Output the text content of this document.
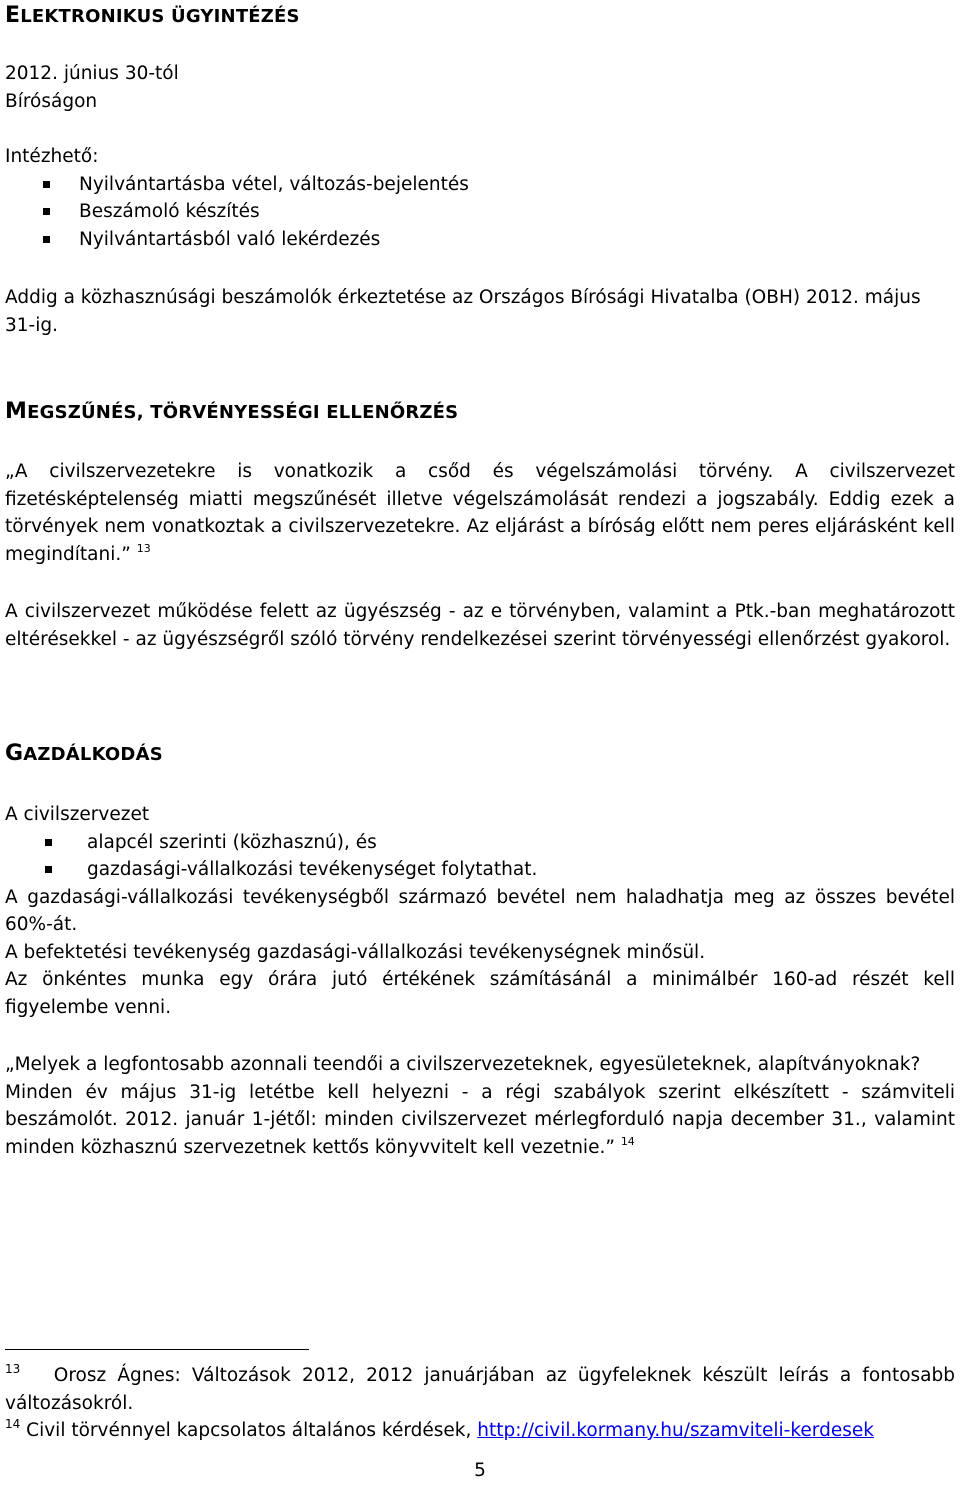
ELEKTRONIKUS ÜGYINTÉZÉS

2012. június 30-tól

Bíróságon

Intézhető:

Nyilvántartásba vétel, változás-bejelentés
Beszámoló készítés
Nyilvántartásból való lekérdezés

Addig a közhasznúsági beszámolók érkeztetése az Országos Bírósági Hivatalba (OBH) 2012. május 31-ig.

MEGSZŰNÉS, TÖRVÉNYESSÉGI ELLENŐRZÉS

„A civilszervezetekre is vonatkozik a csőd és végelszámolási törvény. A civilszervezet fizetésképtelenség miatti megszűnését illetve végelszámolását rendezi a jogszabály. Eddig ezek a törvények nem vonatkoztak a civilszervezetekre. Az eljárást a bíróság előtt nem peres eljárásként kell megindítani.” $^{13}$

A civilszervezet működése felett az ügyészség - az e törvényben, valamint a Ptk.-ban meghatározott eltérésekkel - az ügyészségről szóló törvény rendelkezései szerint törvényességi ellenőrzést gyakorol.

GAZDÁLKODÁS

A civilszervezet

alapcél szerinti (közhasznú), és
gazdasági-vállalkozási tevékenységet folytathat.

A gazdasági-vállalkozási tevékenységből származó bevétel nem haladhatja meg az összes bevétel 60%-át.

A befektetési tevékenység gazdasági-vállalkozási tevékenységnek minősül.

Az önkéntes munka egy órára jutó értékének számításánál a minimálbér 160-ad részét kell figyelembe venni.

„Melyek a legfontosabb azonnali teendői a civilszervezeteknek, egyesületeknek, alapítványoknak?

Minden év május 31-ig letétbe kell helyezni - a régi szabályok szerint elkészített - számviteli beszámolót. 2012. január 1-jétől: minden civilszervezet mérlegforduló napja december 31., valamint minden közhasznú szervezetnek kettős könyvvitelt kell vezetnie.” $^{14}$

$^{13}$ Orosz Ágnes: Változások 2012, 2012 januárjában az ügyfeleknek készült leírás a fontosabb változásokról.

$^{14}$ Civil törvénnyel kapcsolatos általános kérdések, http://civil.kormany.hu/szamviteli-kerdesek

5
